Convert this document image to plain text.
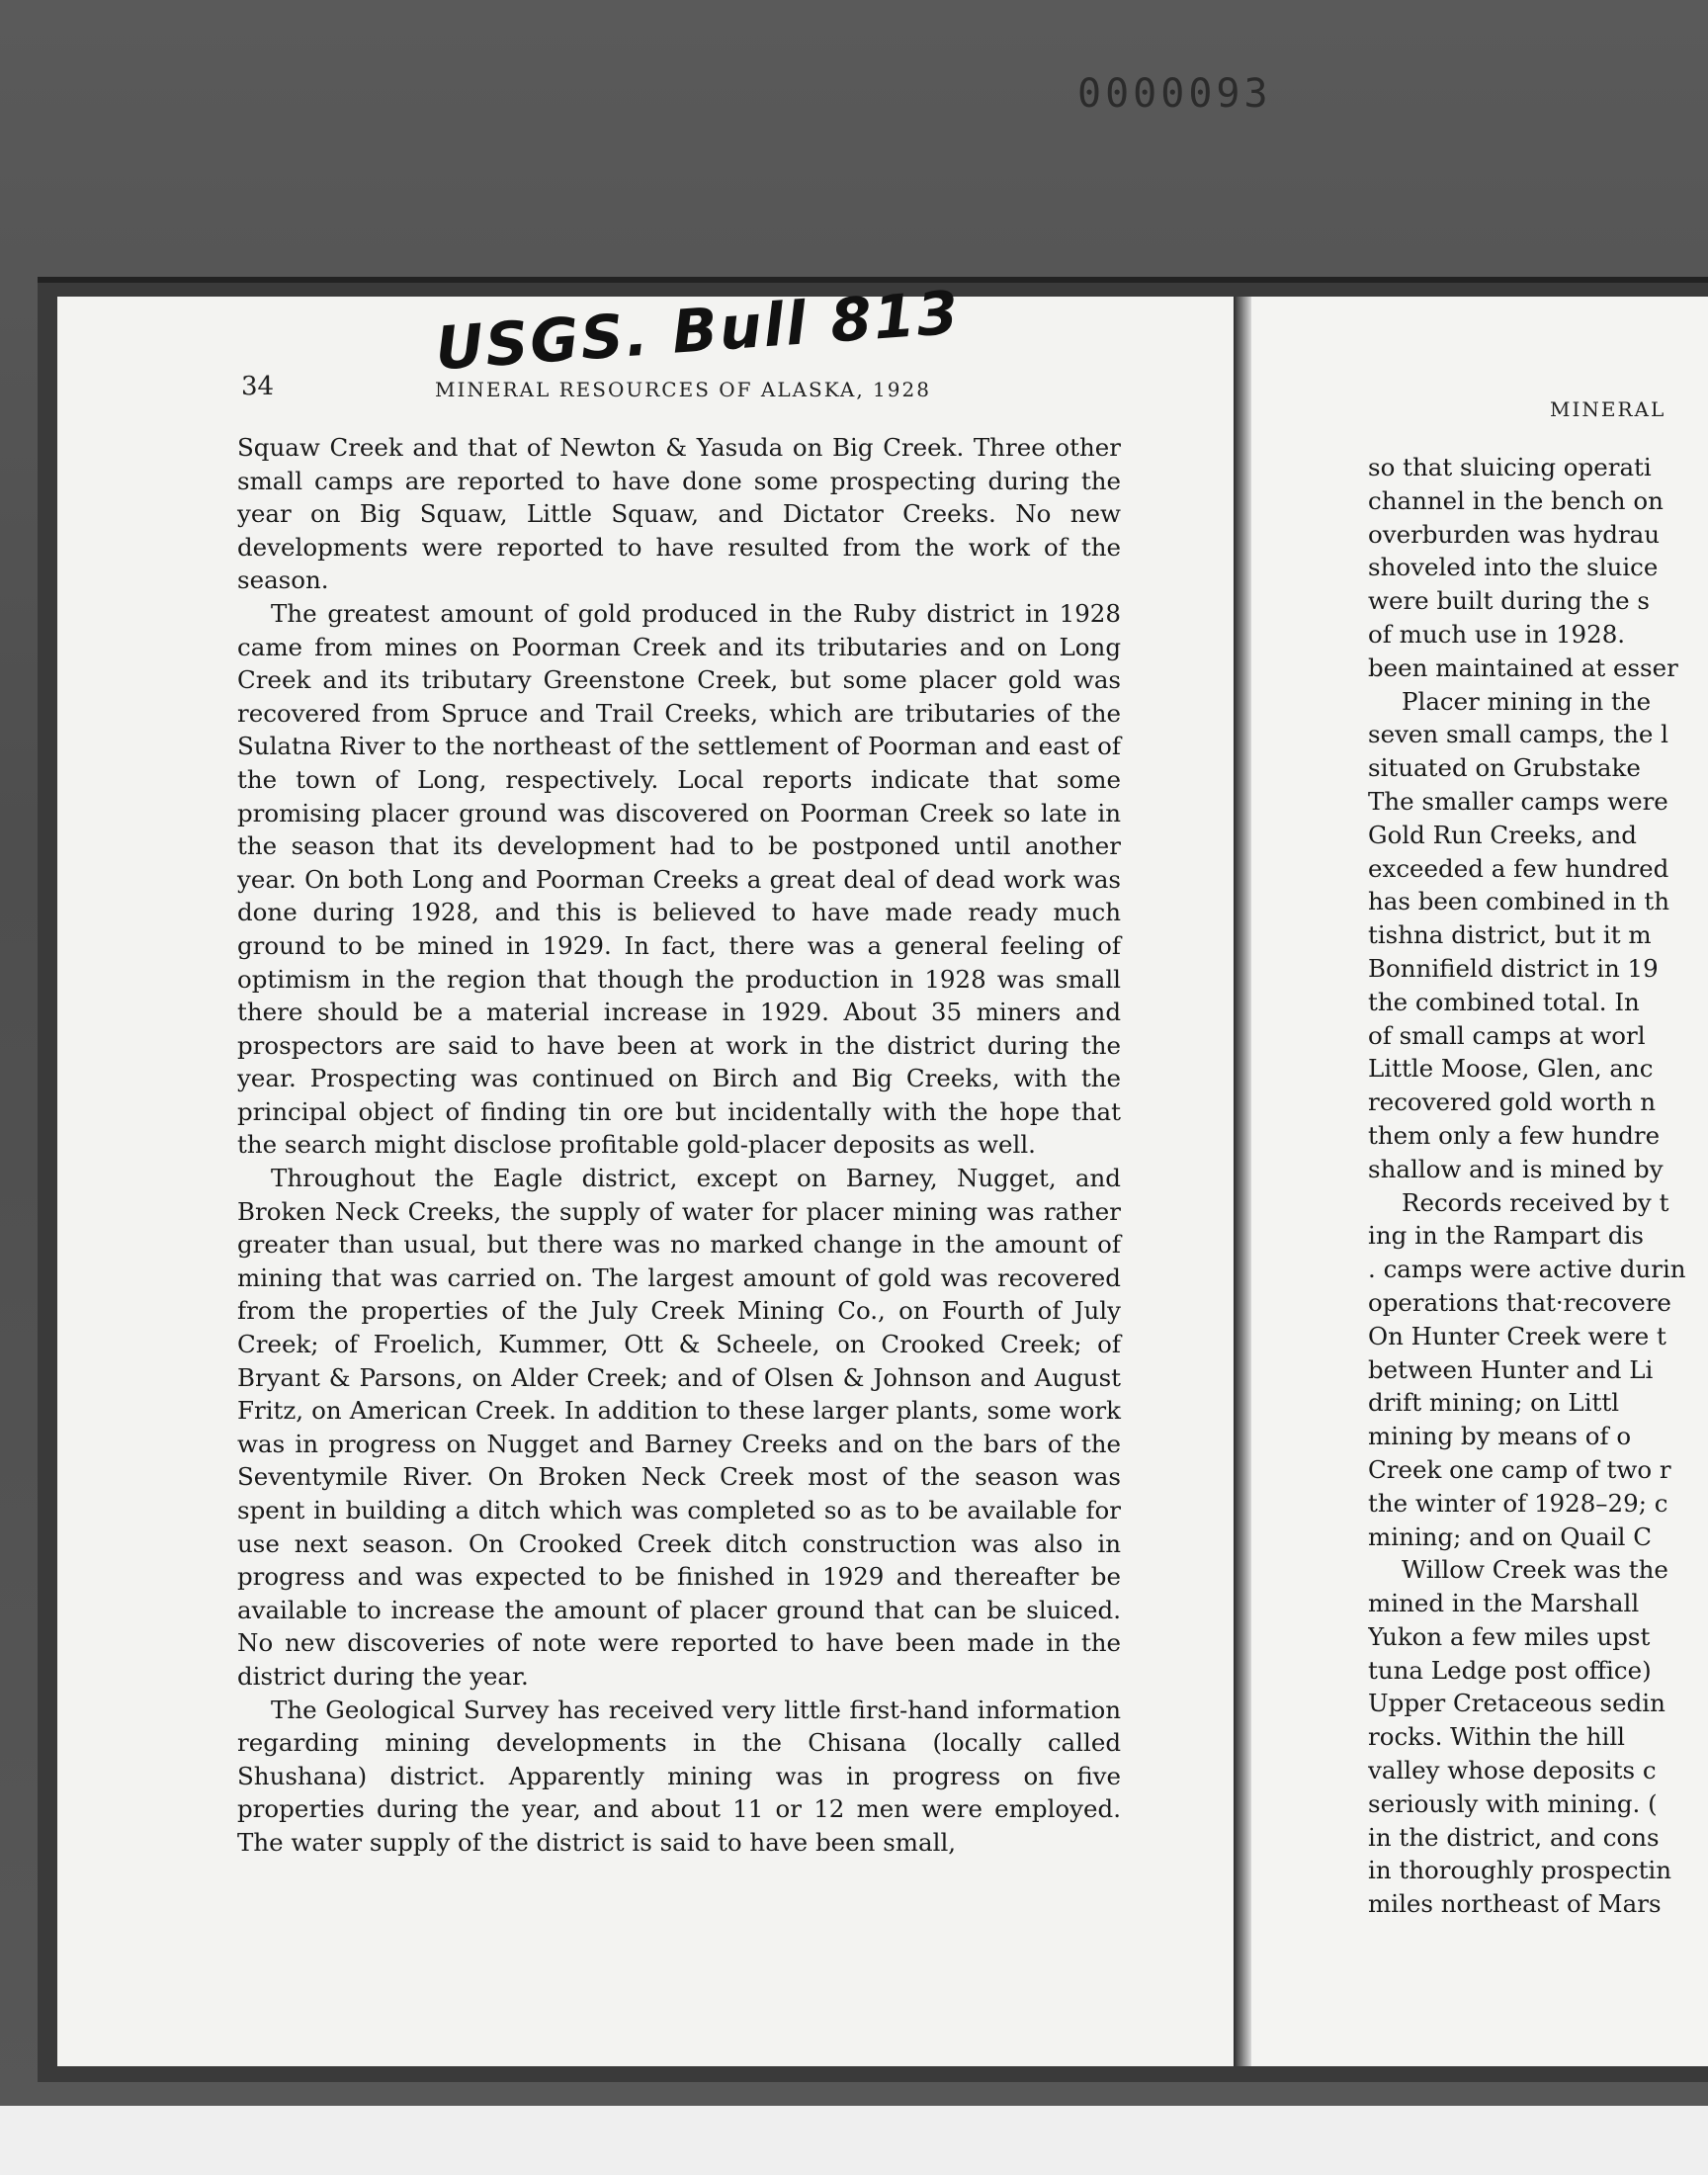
0000093
USGS. Bull 813
34	MINERAL RESOURCES OF ALASKA, 1928

Squaw Creek and that of Newton & Yasuda on Big Creek. Three other small camps are reported to have done some prospecting during the year on Big Squaw, Little Squaw, and Dictator Creeks. No new developments were reported to have resulted from the work of the season.

The greatest amount of gold produced in the Ruby district in 1928 came from mines on Poorman Creek and its tributaries and on Long Creek and its tributary Greenstone Creek, but some placer gold was recovered from Spruce and Trail Creeks, which are tributaries of the Sulatna River to the northeast of the settlement of Poorman and east of the town of Long, respectively. Local reports indicate that some promising placer ground was discovered on Poorman Creek so late in the season that its development had to be postponed until another year. On both Long and Poorman Creeks a great deal of dead work was done during 1928, and this is believed to have made ready much ground to be mined in 1929. In fact, there was a general feeling of optimism in the region that though the production in 1928 was small there should be a material increase in 1929. About 35 miners and prospectors are said to have been at work in the district during the year. Prospecting was continued on Birch and Big Creeks, with the principal object of finding tin ore but incidentally with the hope that the search might disclose profitable gold-placer deposits as well.

Throughout the Eagle district, except on Barney, Nugget, and Broken Neck Creeks, the supply of water for placer mining was rather greater than usual, but there was no marked change in the amount of mining that was carried on. The largest amount of gold was recovered from the properties of the July Creek Mining Co., on Fourth of July Creek; of Froelich, Kummer, Ott & Scheele, on Crooked Creek; of Bryant & Parsons, on Alder Creek; and of Olsen & Johnson and August Fritz, on American Creek. In addition to these larger plants, some work was in progress on Nugget and Barney Creeks and on the bars of the Seventymile River. On Broken Neck Creek most of the season was spent in building a ditch which was completed so as to be available for use next season. On Crooked Creek ditch construction was also in progress and was expected to be finished in 1929 and thereafter be available to increase the amount of placer ground that can be sluiced. No new discoveries of note were reported to have been made in the district during the year.

The Geological Survey has received very little first-hand information regarding mining developments in the Chisana (locally called Shushana) district. Apparently mining was in progress on five properties during the year, and about 11 or 12 men were employed. The water supply of the district is said to have been small,

MINERAL
so that sluicing operati
channel in the bench on
overburden was hydrau
shoveled into the sluice
were built during the s
of much use in 1928.
been maintained at esser
Placer mining in the
seven small camps, the l
situated on Grubstake
The smaller camps were
Gold Run Creeks, and
exceeded a few hundred
has been combined in th
tishna district, but it m
Bonnifield district in 19
the combined total. In
of small camps at worl
Little Moose, Glen, anc
recovered gold worth n
them only a few hundre
shallow and is mined by
Records received by t
ing in the Rampart dis
. camps were active durin
operations that·recovere
On Hunter Creek were t
between Hunter and Li
drift mining; on Littl
mining by means of o
Creek one camp of two r
the winter of 1928–29; c
mining; and on Quail C
Willow Creek was the
mined in the Marshall
Yukon a few miles upst
tuna Ledge post office)
Upper Cretaceous sedin
rocks. Within the hill
valley whose deposits c
seriously with mining. (
in the district, and cons
in thoroughly prospectin
miles northeast of Mars
